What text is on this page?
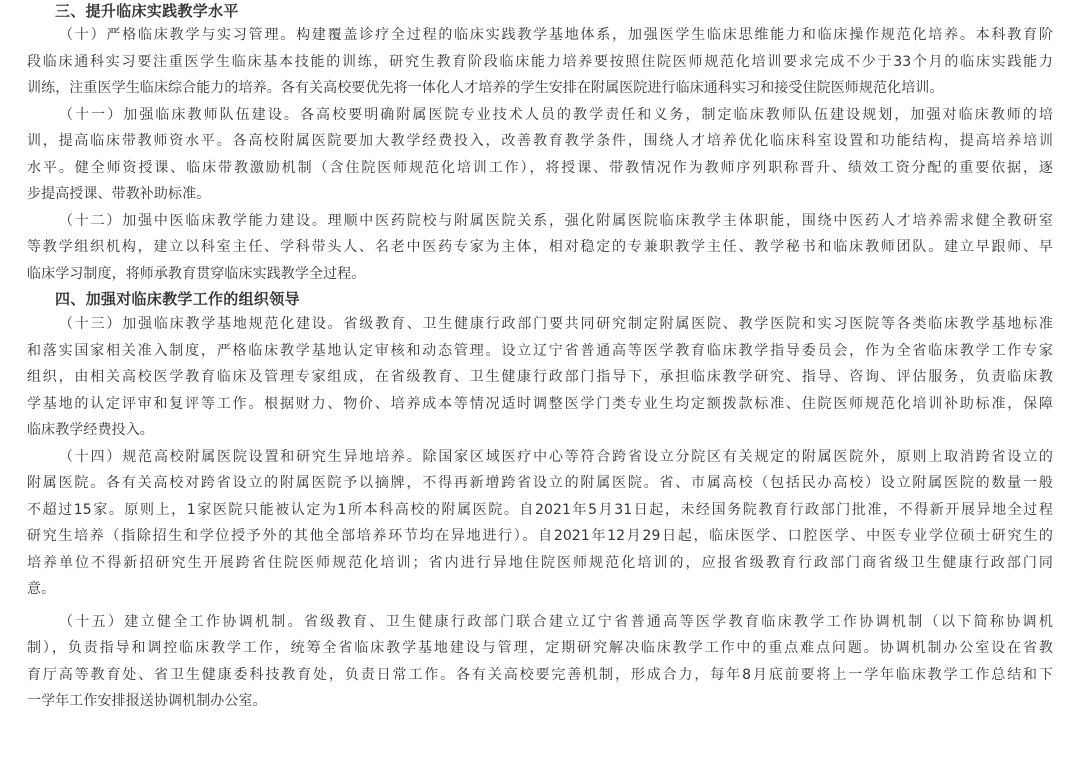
三、提升临床实践教学水平
（十）严格临床教学与实习管理。构建覆盖诊疗全过程的临床实践教学基地体系，加强医学生临床思维能力和临床操作规范化培养。本科教育阶
段临床通科实习要注重医学生临床基本技能的训练，研究生教育阶段临床能力培养要按照住院医师规范化培训要求完成不少于33个月的临床实践能力
训练，注重医学生临床综合能力的培养。各有关高校要优先将一体化人才培养的学生安排在附属医院进行临床通科实习和接受住院医师规范化培训。
（十一）加强临床教师队伍建设。各高校要明确附属医院专业技术人员的教学责任和义务，制定临床教师队伍建设规划，加强对临床教师的培
训，提高临床带教师资水平。各高校附属医院要加大教学经费投入，改善教育教学条件，围绕人才培养优化临床科室设置和功能结构，提高培养培训
水平。健全师资授课、临床带教激励机制（含住院医师规范化培训工作），将授课、带教情况作为教师序列职称晋升、绩效工资分配的重要依据，逐
步提高授课、带教补助标准。
（十二）加强中医临床教学能力建设。理顺中医药院校与附属医院关系，强化附属医院临床教学主体职能，围绕中医药人才培养需求健全教研室
等教学组织机构，建立以科室主任、学科带头人、名老中医药专家为主体，相对稳定的专兼职教学主任、教学秘书和临床教师团队。建立早跟师、早
临床学习制度，将师承教育贯穿临床实践教学全过程。
四、加强对临床教学工作的组织领导
（十三）加强临床教学基地规范化建设。省级教育、卫生健康行政部门要共同研究制定附属医院、教学医院和实习医院等各类临床教学基地标准
和落实国家相关准入制度，严格临床教学基地认定审核和动态管理。设立辽宁省普通高等医学教育临床教学指导委员会，作为全省临床教学工作专家
组织，由相关高校医学教育临床及管理专家组成，在省级教育、卫生健康行政部门指导下，承担临床教学研究、指导、咨询、评估服务，负责临床教
学基地的认定评审和复评等工作。根据财力、物价、培养成本等情况适时调整医学门类专业生均定额拨款标准、住院医师规范化培训补助标准，保障
临床教学经费投入。
（十四）规范高校附属医院设置和研究生异地培养。除国家区域医疗中心等符合跨省设立分院区有关规定的附属医院外，原则上取消跨省设立的
附属医院。各有关高校对跨省设立的附属医院予以摘牌，不得再新增跨省设立的附属医院。省、市属高校（包括民办高校）设立附属医院的数量一般
不超过15家。原则上，1家医院只能被认定为1所本科高校的附属医院。自2021年5月31日起，未经国务院教育行政部门批准，不得新开展异地全过程
研究生培养（指除招生和学位授予外的其他全部培养环节均在异地进行）。自2021年12月29日起，临床医学、口腔医学、中医专业学位硕士研究生的
培养单位不得新招研究生开展跨省住院医师规范化培训；省内进行异地住院医师规范化培训的，应报省级教育行政部门商省级卫生健康行政部门同
意。
（十五）建立健全工作协调机制。省级教育、卫生健康行政部门联合建立辽宁省普通高等医学教育临床教学工作协调机制（以下简称协调机
制），负责指导和调控临床教学工作，统筹全省临床教学基地建设与管理，定期研究解决临床教学工作中的重点难点问题。协调机制办公室设在省教
育厅高等教育处、省卫生健康委科技教育处，负责日常工作。各有关高校要完善机制，形成合力，每年8月底前要将上一学年临床教学工作总结和下
一学年工作安排报送协调机制办公室。
